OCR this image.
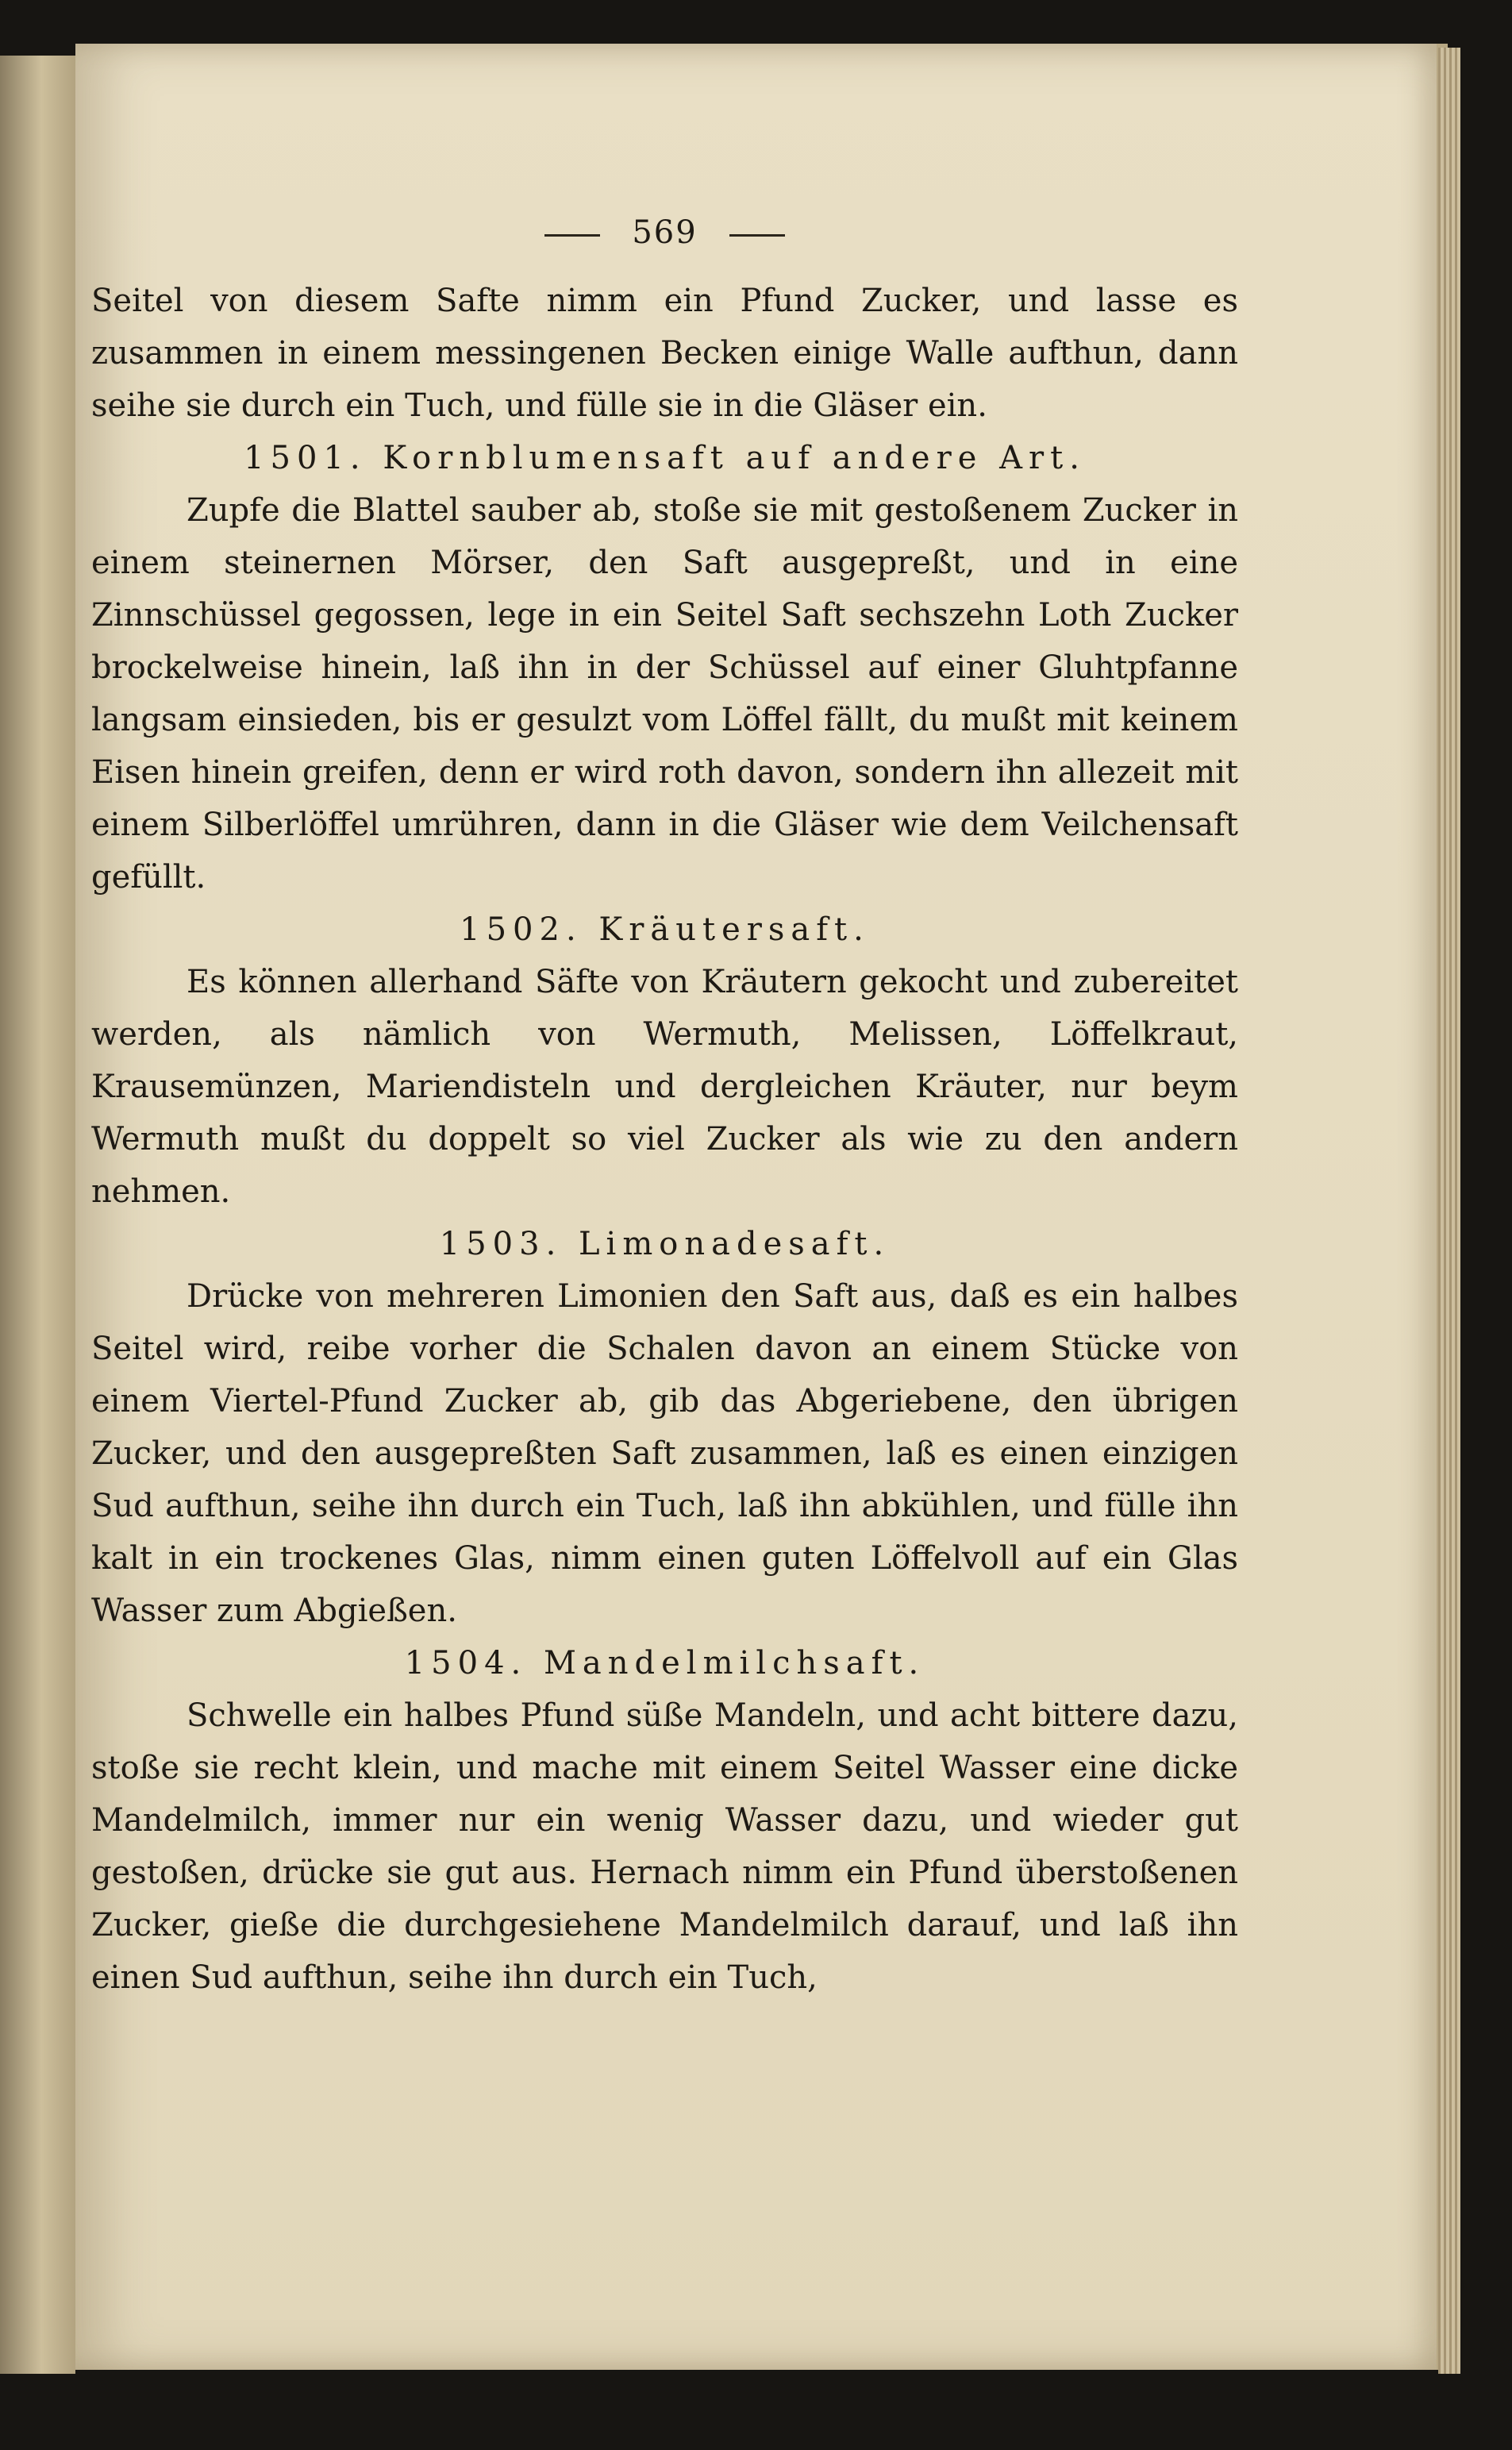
569

Seitel von diesem Safte nimm ein Pfund Zucker, und lasse es zusammen in einem messingenen Becken einige Walle aufthun, dann seihe sie durch ein Tuch, und fülle sie in die Gläser ein.

1501. Kornblumensaft auf andere Art.

Zupfe die Blattel sauber ab, stoße sie mit gestoßenem Zucker in einem steinernen Mörser, den Saft ausgepreßt, und in eine Zinnschüssel gegossen, lege in ein Seitel Saft sechszehn Loth Zucker brockelweise hinein, laß ihn in der Schüssel auf einer Gluhtpfanne langsam einsieden, bis er gesulzt vom Löffel fällt, du mußt mit keinem Eisen hinein greifen, denn er wird roth davon, sondern ihn allezeit mit einem Silberlöffel umrühren, dann in die Gläser wie dem Veilchensaft gefüllt.

1502. Kräutersaft.

Es können allerhand Säfte von Kräutern gekocht und zubereitet werden, als nämlich von Wermuth, Melissen, Löffelkraut, Krausemünzen, Mariendisteln und dergleichen Kräuter, nur beym Wermuth mußt du doppelt so viel Zucker als wie zu den andern nehmen.

1503. Limonadesaft.

Drücke von mehreren Limonien den Saft aus, daß es ein halbes Seitel wird, reibe vorher die Schalen davon an einem Stücke von einem Viertel-Pfund Zucker ab, gib das Abgeriebene, den übrigen Zucker, und den ausgepreßten Saft zusammen, laß es einen einzigen Sud aufthun, seihe ihn durch ein Tuch, laß ihn abkühlen, und fülle ihn kalt in ein trockenes Glas, nimm einen guten Löffelvoll auf ein Glas Wasser zum Abgießen.

1504. Mandelmilchsaft.

Schwelle ein halbes Pfund süße Mandeln, und acht bittere dazu, stoße sie recht klein, und mache mit einem Seitel Wasser eine dicke Mandelmilch, immer nur ein wenig Wasser dazu, und wieder gut gestoßen, drücke sie gut aus. Hernach nimm ein Pfund überstoßenen Zucker, gieße die durchgesiehene Mandelmilch darauf, und laß ihn einen Sud aufthun, seihe ihn durch ein Tuch,
